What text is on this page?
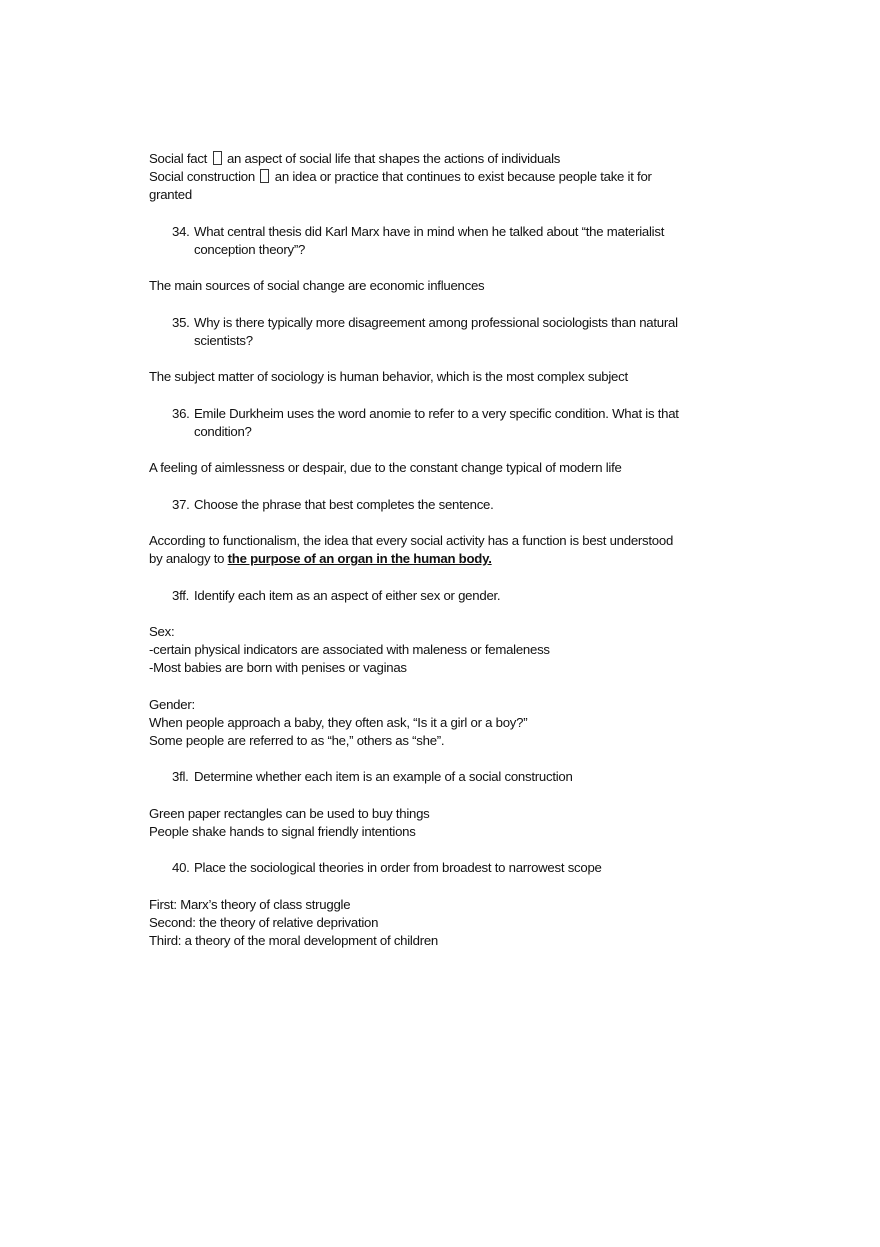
Social fact an aspect of social life that shapes the actions of individuals
Social construction an idea or practice that continues to exist because people take it for
granted
34. What central thesis did Karl Marx have in mind when he talked about “the materialist
conception theory”?
The main sources of social change are economic influences
35. Why is there typically more disagreement among professional sociologists than natural
scientists?
The subject matter of sociology is human behavior, which is the most complex subject
36. Emile Durkheim uses the word anomie to refer to a very specific condition. What is that
condition?
A feeling of aimlessness or despair, due to the constant change typical of modern life
37. Choose the phrase that best completes the sentence.
According to functionalism, the idea that every social activity has a function is best understood
by analogy to the purpose of an organ in the human body.
3ff. Identify each item as an aspect of either sex or gender.
Sex:
-certain physical indicators are associated with maleness or femaleness
-Most babies are born with penises or vaginas
Gender:
When people approach a baby, they often ask, “Is it a girl or a boy?”
Some people are referred to as “he,” others as “she”.
3fl. Determine whether each item is an example of a social construction
Green paper rectangles can be used to buy things
People shake hands to signal friendly intentions
40. Place the sociological theories in order from broadest to narrowest scope
First: Marx’s theory of class struggle
Second: the theory of relative deprivation
Third: a theory of the moral development of children
